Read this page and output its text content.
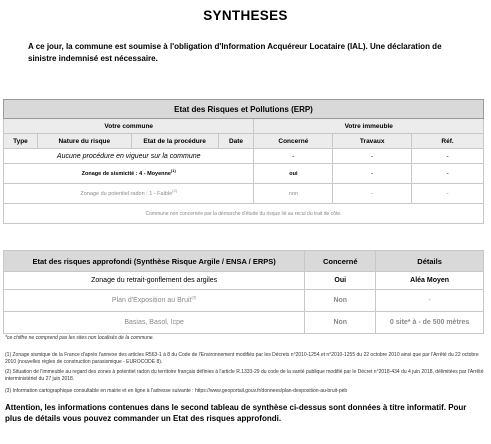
SYNTHESES
A ce jour, la commune est soumise à l'obligation d'Information Acquéreur Locataire (IAL). Une déclaration de sinistre indemnisé est nécessaire.
Etat des Risques et Pollutions (ERP)						
Votre commune				Votre immeuble		
Type	Nature du risque	Etat de la procédure	Date	Concerné	Travaux	Réf.
Aucune procédure en vigueur sur la commune				-	-	-
Zonage de sismicité : 4 - Moyenne$^{(1)}$				oui	-	-
Zonage du potentiel radon : 1 - Faible$^{(2)}$				non	-	-
Commune non concernée par la démarche d'étude du risque lié au recul du trait de côte.						
Etat des risques approfondi (Synthèse Risque Argile / ENSA / ERPS)	Concerné	Détails
Zonage du retrait-gonflement des argiles	Oui	Aléa Moyen
Plan d'Exposition au Bruit$^{(3)}$	Non	-
Basias, Basol, Icpe	Non	0 site* à - de 500 mètres
*ce chiffre ne comprend pas les sites non localisés de la commune.
(1) Zonage sismique de la France d'après l'annexe des articles R563-1 à 8 du Code de l'Environnement modifiés par les Décrets n°2010-1254 et n°2010-1255 du 22 octobre 2010 ainsi que par l'Arrêté du 22 octobre 2010 (nouvelles règles de construction parasismique - EUROCODE 8).
(2) Situation de l'immeuble au regard des zones à potentiel radon du territoire français définies à l'article R.1333-29 du code de la santé publique modifié par le Décret n°2018-434 du 4 juin 2018, délimitées par l'Arrêté interministériel du 27 juin 2018.
(3) Information cartographique consultable en mairie et en ligne à l'adresse suivante : https://www.geoportail.gouv.fr/donnees/plan-dexposition-au-bruit-peb
Attention, les informations contenues dans le second tableau de synthèse ci-dessus sont données à titre informatif. Pour plus de détails vous pouvez commander un Etat des risques approfondi.
